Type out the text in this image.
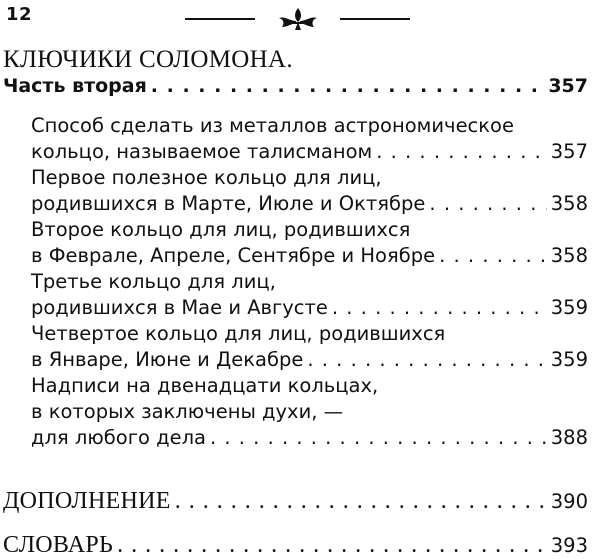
12
КЛЮЧИКИ СОЛОМОНА.
Часть вторая . . .	357
Способ сделать из металлов астрономическое
кольцо, называемое талисманом . . .	357
Первое полезное кольцо для лиц,
родившихся в Марте, Июле и Октябре . . .	358
Второе кольцо для лиц, родившихся
в Феврале, Апреле, Сентябре и Ноябре . . .	358
Третье кольцо для лиц,
родившихся в Мае и Августе . . .	359
Четвертое кольцо для лиц, родившихся
в Январе, Июне и Декабре . . .	359
Надписи на двенадцати кольцах,
в которых заключены духи, —
для любого дела . . .	388
ДОПОЛНЕНИЕ . . .	390
СЛОВАРЬ . . .	393
